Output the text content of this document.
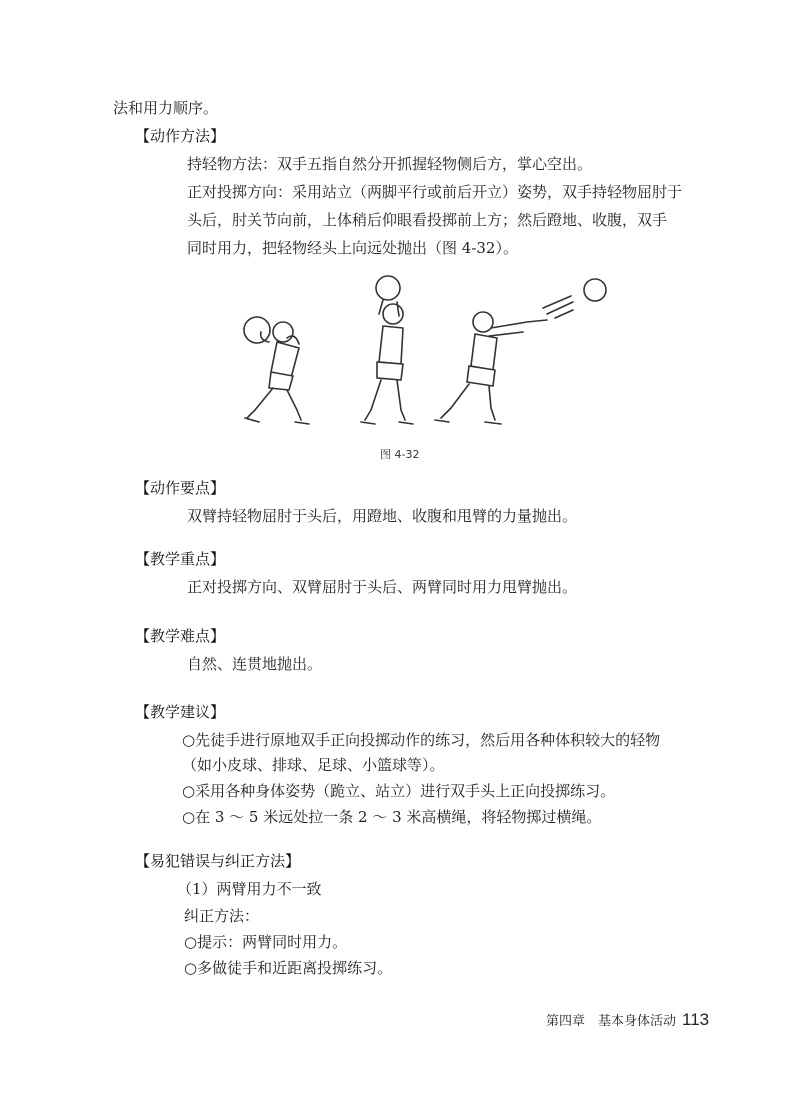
法和用力顺序。
【动作方法】
持轻物方法：双手五指自然分开抓握轻物侧后方，掌心空出。
正对投掷方向：采用站立（两脚平行或前后开立）姿势，双手持轻物屈肘于
头后，肘关节向前，上体稍后仰眼看投掷前上方；然后蹬地、收腹，双手
同时用力，把轻物经头上向远处抛出（图 4-32）。
图 4-32
【动作要点】
双臂持轻物屈肘于头后，用蹬地、收腹和甩臂的力量抛出。
【教学重点】
正对投掷方向、双臂屈肘于头后、两臂同时用力甩臂抛出。
【教学难点】
自然、连贯地抛出。
【教学建议】
○先徒手进行原地双手正向投掷动作的练习，然后用各种体积较大的轻物
（如小皮球、排球、足球、小篮球等）。
○采用各种身体姿势（跪立、站立）进行双手头上正向投掷练习。
○在 3 ～ 5 米远处拉一条 2 ～ 3 米高横绳，将轻物掷过横绳。
【易犯错误与纠正方法】
（1）两臂用力不一致
纠正方法：
○提示：两臂同时用力。
○多做徒手和近距离投掷练习。
第四章　基本身体活动 113
